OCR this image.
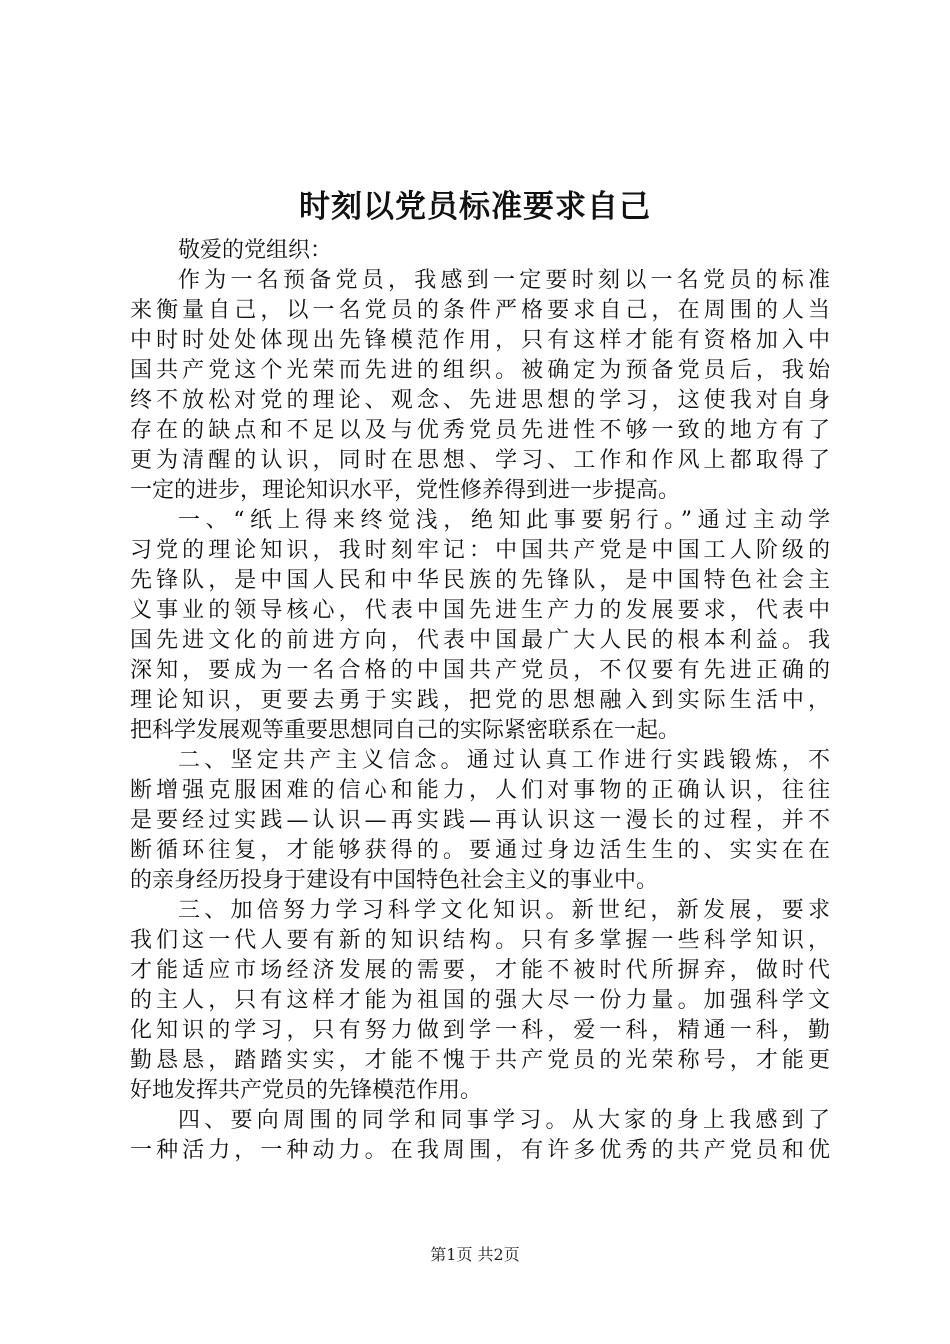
时刻以党员标准要求自己
敬爱的党组织：
作为一名预备党员，我感到一定要时刻以一名党员的标准
来衡量自己，以一名党员的条件严格要求自己，在周围的人当
中时时处处体现出先锋模范作用，只有这样才能有资格加入中
国共产党这个光荣而先进的组织。被确定为预备党员后，我始
终不放松对党的理论、观念、先进思想的学习，这使我对自身
存在的缺点和不足以及与优秀党员先进性不够一致的地方有了
更为清醒的认识，同时在思想、学习、工作和作风上都取得了
一定的进步，理论知识水平，党性修养得到进一步提高。
一、“纸上得来终觉浅，绝知此事要躬行。”通过主动学
习党的理论知识，我时刻牢记：中国共产党是中国工人阶级的
先锋队，是中国人民和中华民族的先锋队，是中国特色社会主
义事业的领导核心，代表中国先进生产力的发展要求，代表中
国先进文化的前进方向，代表中国最广大人民的根本利益。我
深知，要成为一名合格的中国共产党员，不仅要有先进正确的
理论知识，更要去勇于实践，把党的思想融入到实际生活中，
把科学发展观等重要思想同自己的实际紧密联系在一起。
二、坚定共产主义信念。通过认真工作进行实践锻炼，不
断增强克服困难的信心和能力，人们对事物的正确认识，往往
是要经过实践—认识—再实践—再认识这一漫长的过程，并不
断循环往复，才能够获得的。要通过身边活生生的、实实在在
的亲身经历投身于建设有中国特色社会主义的事业中。
三、加倍努力学习科学文化知识。新世纪，新发展，要求
我们这一代人要有新的知识结构。只有多掌握一些科学知识，
才能适应市场经济发展的需要，才能不被时代所摒弃，做时代
的主人，只有这样才能为祖国的强大尽一份力量。加强科学文
化知识的学习，只有努力做到学一科，爱一科，精通一科，勤
勤恳恳，踏踏实实，才能不愧于共产党员的光荣称号，才能更
好地发挥共产党员的先锋模范作用。
四、要向周围的同学和同事学习。从大家的身上我感到了
一种活力，一种动力。在我周围，有许多优秀的共产党员和优
第1页 共2页
